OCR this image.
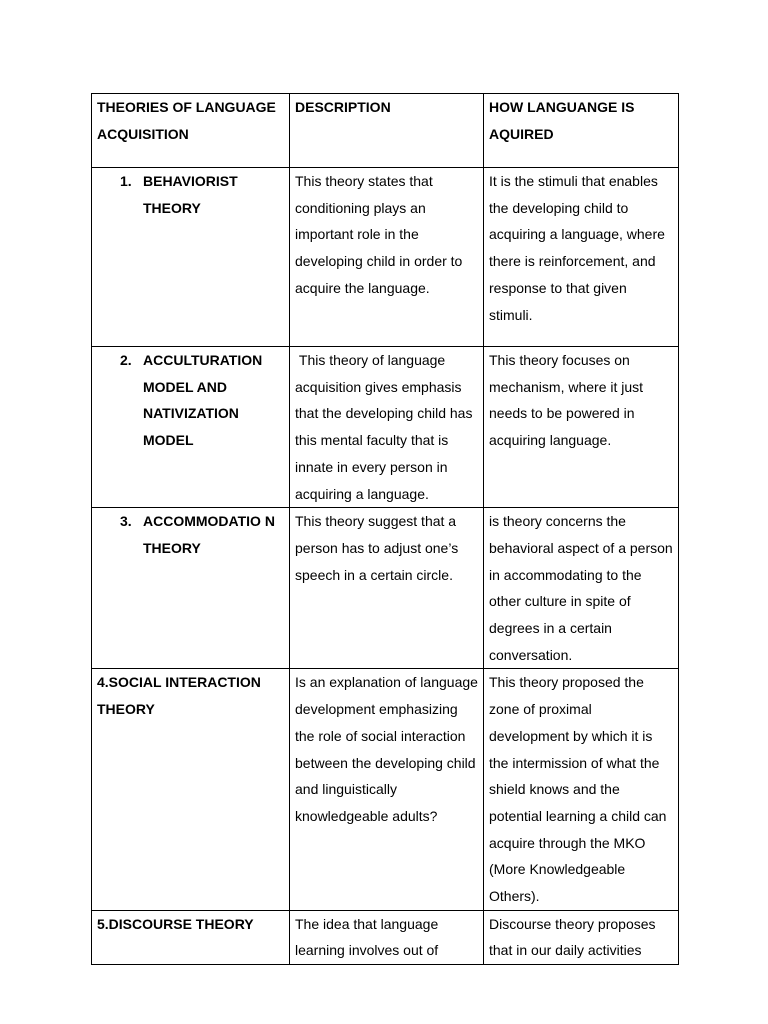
THEORIES OF LANGUAGE ACQUISITION	DESCRIPTION	HOW LANGUANGE IS AQUIRED

1. BEHAVIORIST THEORY	This theory states that conditioning plays an important role in the developing child in order to acquire the language.	It is the stimuli that enables the developing child to acquiring a language, where there is reinforcement, and response to that given stimuli.

2. ACCULTURATION MODEL AND NATIVIZATION MODEL	This theory of language acquisition gives emphasis that the developing child has this mental faculty that is innate in every person in acquiring a language.	This theory focuses on mechanism, where it just needs to be powered in acquiring language.

3. ACCOMMODATIO N THEORY	This theory suggest that a person has to adjust one’s speech in a certain circle.	is theory concerns the behavioral aspect of a person in accommodating to the other culture in spite of degrees in a certain conversation.
4.SOCIAL INTERACTION THEORY	Is an explanation of language development emphasizing the role of social interaction between the developing child and linguistically knowledgeable adults?	This theory proposed the zone of proximal development by which it is the intermission of what the shield knows and the potential learning a child can acquire through the MKO (More Knowledgeable Others).
5.DISCOURSE THEORY	The idea that language learning involves out of	Discourse theory proposes that in our daily activities
